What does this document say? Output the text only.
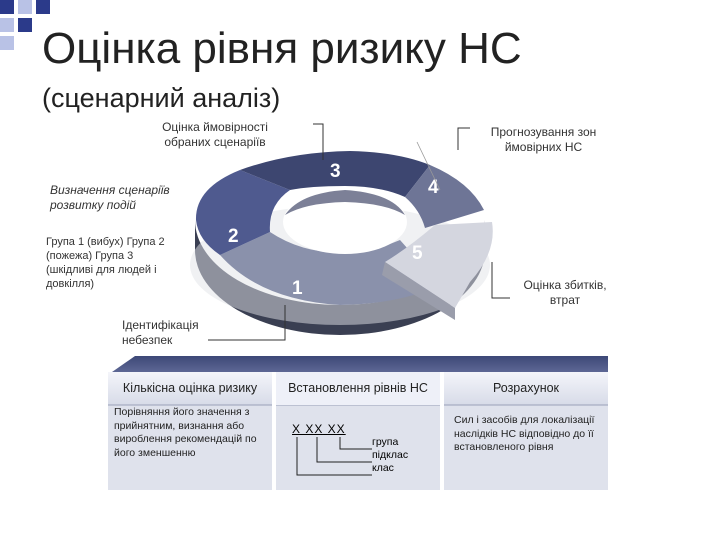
Оцінка рівня ризику НС
(сценарний аналіз)
1
2
3
4
5
Оцінка ймовірності обраних сценаріїв
Прогнозування зон ймовірних НС
Визначення сценаріїв розвитку подій
Група 1 (вибух) Група 2 (пожежа) Група 3 (шкідливі для людей і довкілля)	Оцінка збитків, втрат
Ідентифікація небезпек
Кількісна оцінка ризику
Порівняння його значення з прийнятним, визнання або вироблення рекомендацій по його зменшенню
Встановлення рівнів НС
X XX XX
група підклас клас
Розрахунок
Сил і засобів для локалізації наслідків НС відповідно до її встановленого рівня
